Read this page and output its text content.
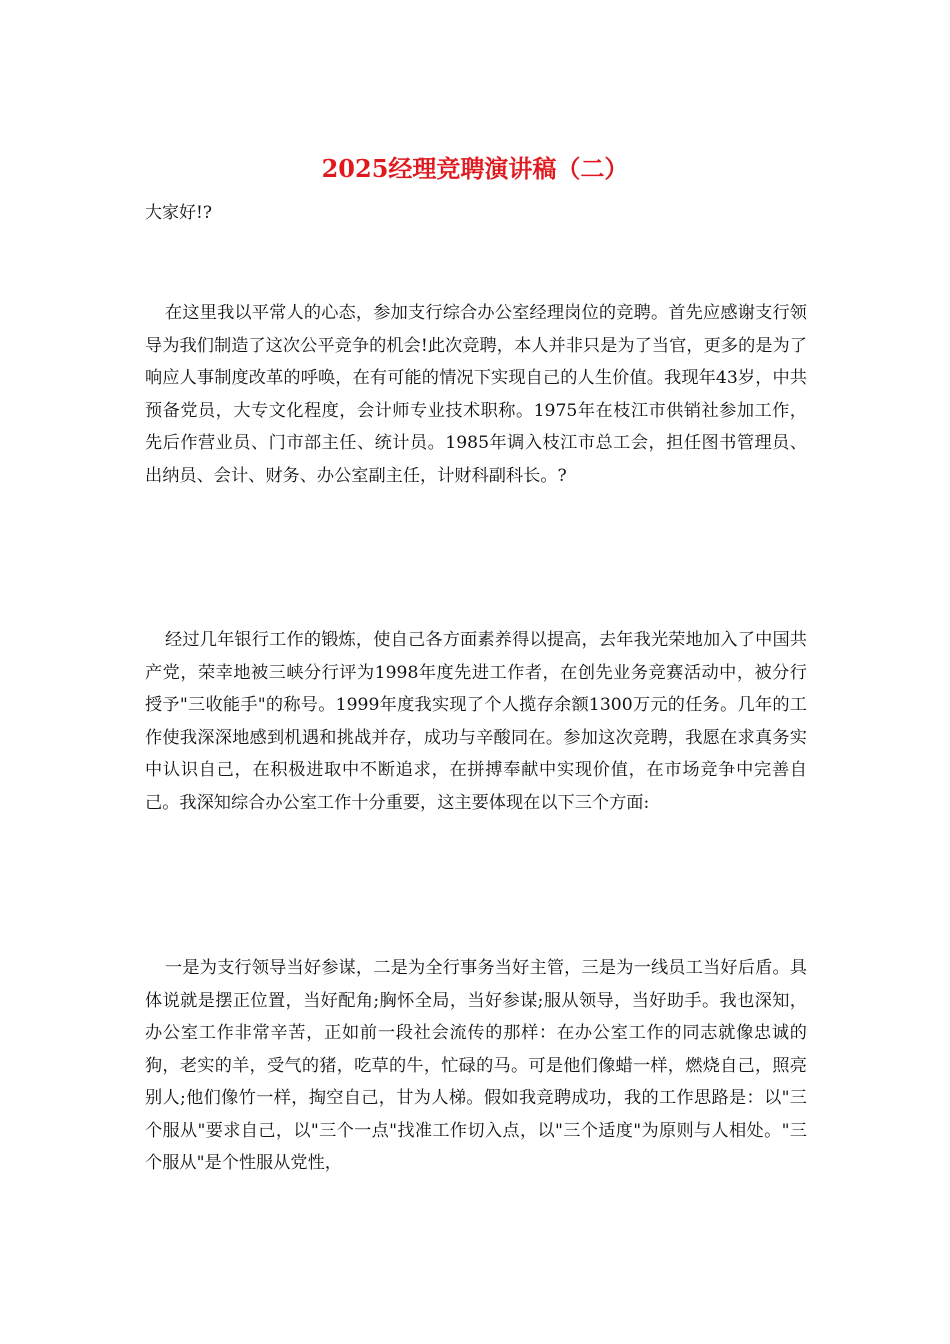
2025经理竞聘演讲稿（二）
大家好!?

在这里我以平常人的心态，参加支行综合办公室经理岗位的竞聘。首先应感谢支行领导为我们制造了这次公平竞争的机会!此次竞聘，本人并非只是为了当官，更多的是为了响应人事制度改革的呼唤，在有可能的情况下实现自己的人生价值。我现年43岁，中共预备党员，大专文化程度，会计师专业技术职称。1975年在枝江市供销社参加工作，先后作营业员、门市部主任、统计员。1985年调入枝江市总工会，担任图书管理员、出纳员、会计、财务、办公室副主任，计财科副科长。?

经过几年银行工作的锻炼，使自己各方面素养得以提高，去年我光荣地加入了中国共产党，荣幸地被三峡分行评为1998年度先进工作者，在创先业务竞赛活动中，被分行授予"三收能手"的称号。1999年度我实现了个人揽存余额1300万元的任务。几年的工作使我深深地感到机遇和挑战并存，成功与辛酸同在。参加这次竞聘，我愿在求真务实中认识自己，在积极进取中不断追求，在拼搏奉献中实现价值，在市场竞争中完善自己。我深知综合办公室工作十分重要，这主要体现在以下三个方面:

一是为支行领导当好参谋，二是为全行事务当好主管，三是为一线员工当好后盾。具体说就是摆正位置，当好配角;胸怀全局，当好参谋;服从领导，当好助手。我也深知，办公室工作非常辛苦，正如前一段社会流传的那样：在办公室工作的同志就像忠诚的狗，老实的羊，受气的猪，吃草的牛，忙碌的马。可是他们像蜡一样，燃烧自己，照亮别人;他们像竹一样，掏空自己，甘为人梯。假如我竞聘成功，我的工作思路是：以"三个服从"要求自己，以"三个一点"找准工作切入点，以"三个适度"为原则与人相处。"三个服从"是个性服从党性，
